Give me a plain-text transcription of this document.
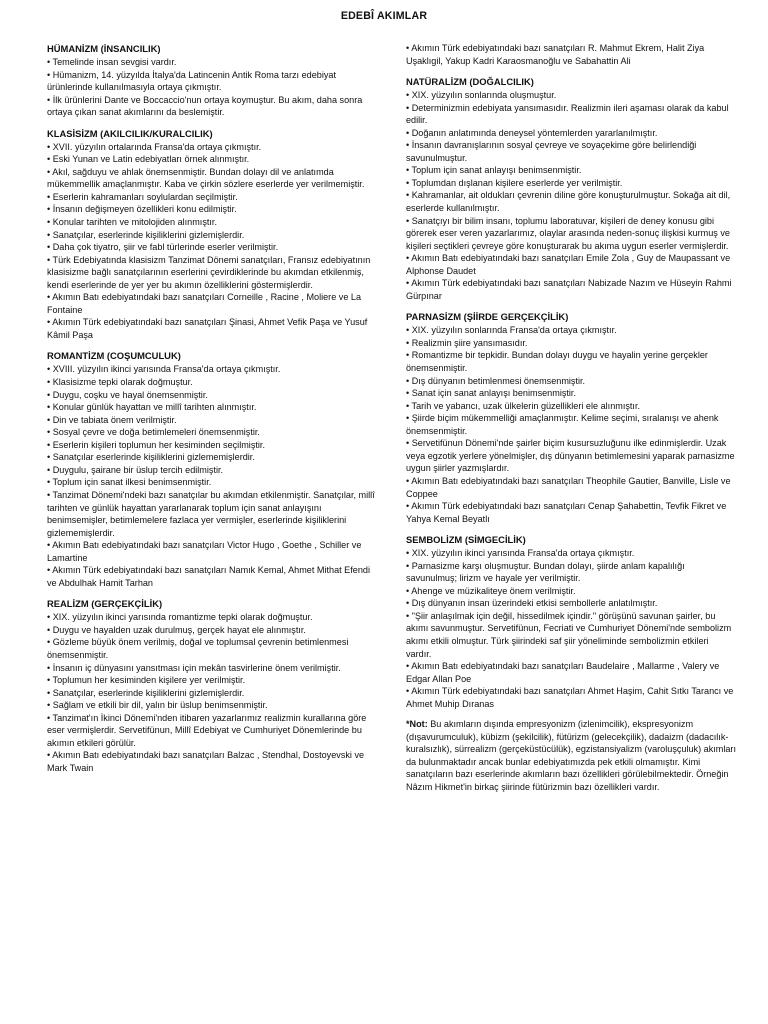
EDEBÎ AKIMLAR
HÜMANİZM (İNSANCILIK)
• Temelinde insan sevgisi vardır.
• Hümanizm, 14. yüzyılda İtalya'da Latincenin Antik Roma tarzı edebiyat ürünlerinde kullanılmasıyla ortaya çıkmıştır.
• İlk ürünlerini Dante ve Boccaccio'nun ortaya koymuştur. Bu akım, daha sonra ortaya çıkan sanat akımlarını da beslemiştir.
KLASİSİZM (AKILCILIK/KURALCILIK)
• XVII. yüzyılın ortalarında Fransa'da ortaya çıkmıştır.
• Eski Yunan ve Latin edebiyatları örnek alınmıştır.
• Akıl, sağduyu ve ahlak önemsenmiştir. Bundan dolayı dil ve anlatımda mükemmellik amaçlanmıştır. Kaba ve çirkin sözlere eserlerde yer verilmemiştir.
• Eserlerin kahramanları soylulardan seçilmiştir.
• İnsanın değişmeyen özellikleri konu edilmiştir.
• Konular tarihten ve mitolojiden alınmıştır.
• Sanatçılar, eserlerinde kişiliklerini gizlemişlerdir.
• Daha çok tiyatro, şiir ve fabl türlerinde eserler verilmiştir.
• Türk Edebiyatında klasisizm Tanzimat Dönemi sanatçıları, Fransız edebiyatının klasisizme bağlı sanatçılarının eserlerini çevirdiklerinde bu akımdan etkilenmiş, kendi eserlerinde de yer yer bu akımın özelliklerini göstermişlerdir.
• Akımın Batı edebiyatındaki bazı sanatçıları Corneille , Racine , Moliere ve La Fontaine
• Akımın Türk edebiyatındaki bazı sanatçıları Şinasi, Ahmet Vefik Paşa ve Yusuf Kâmil Paşa
ROMANTİZM (COŞUMCULUK)
• XVIII. yüzyılın ikinci yarısında Fransa'da ortaya çıkmıştır.
• Klasisizme tepki olarak doğmuştur.
• Duygu, coşku ve hayal önemsenmiştir.
• Konular günlük hayattan ve millî tarihten alınmıştır.
• Din ve tabiata önem verilmiştir.
• Sosyal çevre ve doğa betimlemeleri önemsenmiştir.
• Eserlerin kişileri toplumun her kesiminden seçilmiştir.
• Sanatçılar eserlerinde kişiliklerini gizlememişlerdir.
• Duygulu, şairane bir üslup tercih edilmiştir.
• Toplum için sanat ilkesi benimsenmiştir.
• Tanzimat Dönemi'ndeki bazı sanatçılar bu akımdan etkilenmiştir. Sanatçılar, millî tarihten ve günlük hayattan yararlanarak toplum için sanat anlayışını benimsemişler, betimlemelere fazlaca yer vermişler, eserlerinde kişiliklerini gizlememişlerdir.
• Akımın Batı edebiyatındaki bazı sanatçıları Victor Hugo , Goethe , Schiller ve Lamartine
• Akımın Türk edebiyatındaki bazı sanatçıları Namık Kemal, Ahmet Mithat Efendi ve Abdulhak Hamit Tarhan
REALİZM (GERÇEKÇİLİK)
• XIX. yüzyılın ikinci yarısında romantizme tepki olarak doğmuştur.
• Duygu ve hayalden uzak durulmuş, gerçek hayat ele alınmıştır.
• Gözleme büyük önem verilmiş, doğal ve toplumsal çevrenin betimlenmesi önemsenmiştir.
• İnsanın iç dünyasını yansıtması için mekân tasvirlerine önem verilmiştir.
• Toplumun her kesiminden kişilere yer verilmiştir.
• Sanatçılar, eserlerinde kişiliklerini gizlemişlerdir.
• Sağlam ve etkili bir dil, yalın bir üslup benimsenmiştir.
• Tanzimat'ın İkinci Dönemi'nden itibaren yazarlarımız realizmin kurallarına göre eser vermişlerdir. Servetifünun, Millî Edebiyat ve Cumhuriyet Dönemlerinde bu akımın etkileri görülür.
• Akımın Batı edebiyatındaki bazı sanatçıları Balzac , Stendhal, Dostoyevski ve Mark Twain
• Akımın Türk edebiyatındaki bazı sanatçıları R. Mahmut Ekrem, Halit Ziya Uşaklıgil, Yakup Kadri Karaosmanoğlu ve Sabahattin Ali
NATÜRALİZM (DOĞALCILIK)
• XIX. yüzyılın sonlarında oluşmuştur.
• Determinizmin edebiyata yansımasıdır. Realizmin ileri aşaması olarak da kabul edilir.
• Doğanın anlatımında deneysel yöntemlerden yararlanılmıştır.
• İnsanın davranışlarının sosyal çevreye ve soyaçekime göre belirlendiği savunulmuştur.
• Toplum için sanat anlayışı benimsenmiştir.
• Toplumdan dışlanan kişilere eserlerde yer verilmiştir.
• Kahramanlar, ait oldukları çevrenin diline göre konuşturulmuştur. Sokağa ait dil, eserlerde kullanılmıştır.
• Sanatçıyı bir bilim insanı, toplumu laboratuvar, kişileri de deney konusu gibi görerek eser veren yazarlarımız, olaylar arasında neden-sonuç ilişkisi kurmuş ve kişileri seçtikleri çevreye göre konuşturarak bu akıma uygun eserler vermişlerdir.
• Akımın Batı edebiyatındaki bazı sanatçıları Emile Zola , Guy de Maupassant ve Alphonse Daudet
• Akımın Türk edebiyatındaki bazı sanatçıları Nabizade Nazım ve Hüseyin Rahmi Gürpınar
PARNASİZM (ŞİİRDE GERÇEKÇİLİK)
• XIX. yüzyılın sonlarında Fransa'da ortaya çıkmıştır.
• Realizmin şiire yansımasıdır.
• Romantizme bir tepkidir. Bundan dolayı duygu ve hayalin yerine gerçekler önemsenmiştir.
• Dış dünyanın betimlenmesi önemsenmiştir.
• Sanat için sanat anlayışı benimsenmiştir.
• Tarih ve yabancı, uzak ülkelerin güzellikleri ele alınmıştır.
• Şiirde biçim mükemmelliği amaçlanmıştır. Kelime seçimi, sıralanışı ve ahenk önemsenmiştir.
• Servetifünun Dönemi'nde şairler biçim kusursuzluğunu ilke edinmişlerdir. Uzak veya egzotik yerlere yönelmişler, dış dünyanın betimlemesini yaparak parnasizme uygun şiirler yazmışlardır.
• Akımın Batı edebiyatındaki bazı sanatçıları Theophile Gautier, Banville, Lisle ve Coppee
• Akımın Türk edebiyatındaki bazı sanatçıları Cenap Şahabettin, Tevfik Fikret ve Yahya Kemal Beyatlı
SEMBOLİZM (SİMGECİLİK)
• XIX. yüzyılın ikinci yarısında Fransa'da ortaya çıkmıştır.
• Parnasizme karşı oluşmuştur. Bundan dolayı, şiirde anlam kapalılığı savunulmuş; lirizm ve hayale yer verilmiştir.
• Ahenge ve müzikaliteye önem verilmiştir.
• Dış dünyanın insan üzerindeki etkisi sembollerle anlatılmıştır.
• "Şiir anlaşılmak için değil, hissedilmek içindir." görüşünü savunan şairler, bu akımı savunmuştur. Servetifünun, Fecriati ve Cumhuriyet Dönemi'nde sembolizm akımı etkili olmuştur. Türk şiirindeki saf şiir yöneliminde sembolizmin etkileri vardır.
• Akımın Batı edebiyatındaki bazı sanatçıları Baudelaire , Mallarme , Valery ve Edgar Allan Poe
• Akımın Türk edebiyatındaki bazı sanatçıları Ahmet Haşim, Cahit Sıtkı Tarancı ve Ahmet Muhip Dıranas
*Not: Bu akımların dışında empresyonizm (izlenimcilik), ekspresyonizm (dışavurumculuk), kübizm (şekilcilik), fütürizm (gelecekçilik), dadaizm (dadacılık-kuralsızlık), sürrealizm (gerçeküstücülük), egzistansiyalizm (varoluşçuluk) akımları da bulunmaktadır ancak bunlar edebiyatımızda pek etkili olmamıştır. Kimi sanatçıların bazı eserlerinde akımların bazı özellikleri görülebilmektedir. Örneğin Nâzım Hikmet'in birkaç şiirinde fütürizmin bazı özellikleri vardır.
